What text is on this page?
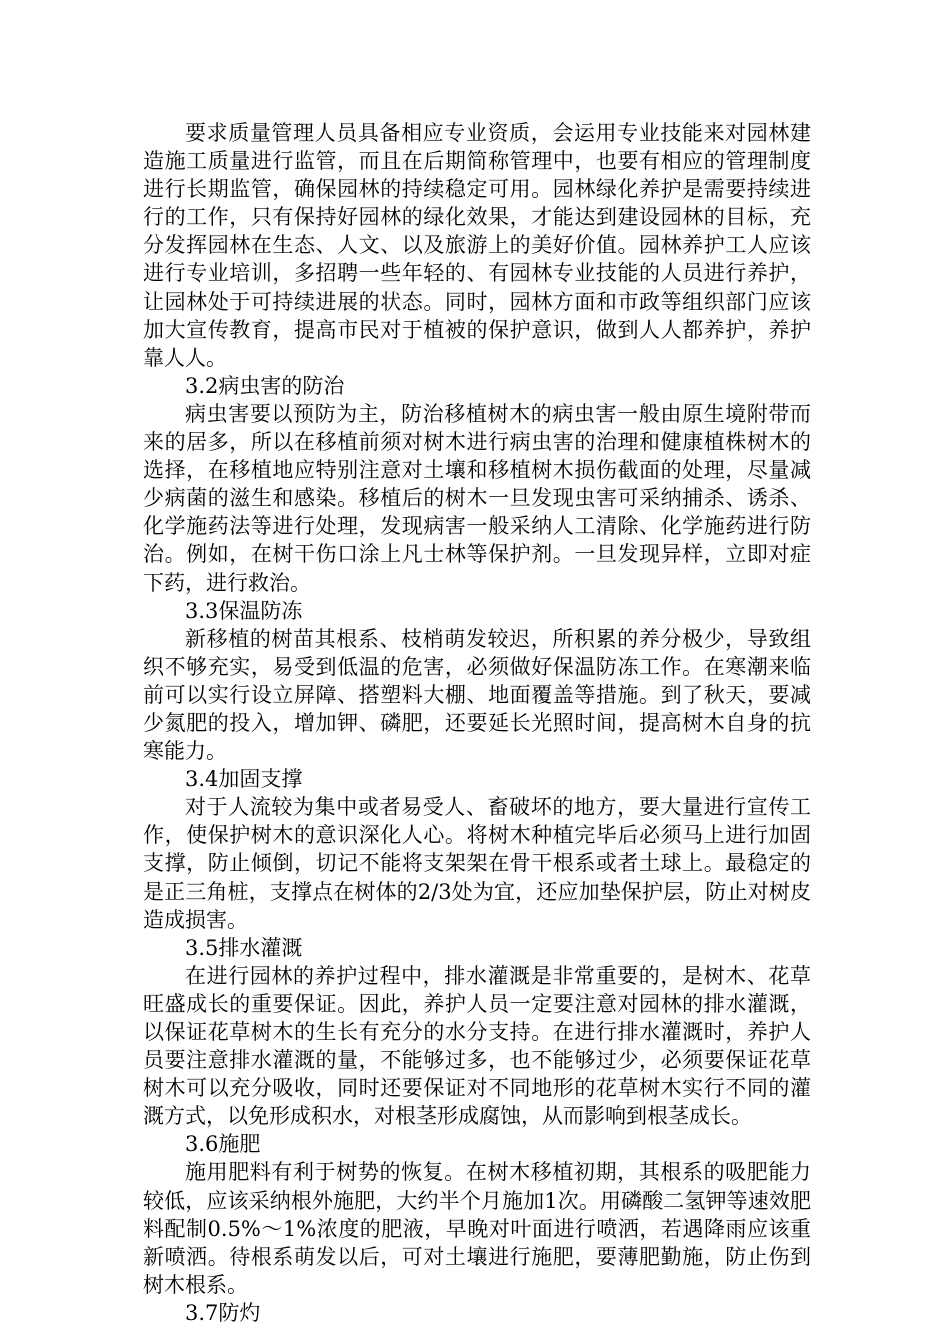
要求质量管理人员具备相应专业资质，会运用专业技能来对园林建造施工质量进行监管，而且在后期简称管理中，也要有相应的管理制度进行长期监管，确保园林的持续稳定可用。园林绿化养护是需要持续进行的工作，只有保持好园林的绿化效果，才能达到建设园林的目标，充分发挥园林在生态、人文、以及旅游上的美好价值。园林养护工人应该进行专业培训，多招聘一些年轻的、有园林专业技能的人员进行养护，让园林处于可持续进展的状态。同时，园林方面和市政等组织部门应该加大宣传教育，提高市民对于植被的保护意识，做到人人都养护，养护靠人人。

3.2病虫害的防治

病虫害要以预防为主，防治移植树木的病虫害一般由原生境附带而来的居多，所以在移植前须对树木进行病虫害的治理和健康植株树木的选择，在移植地应特别注意对土壤和移植树木损伤截面的处理，尽量减少病菌的滋生和感染。移植后的树木一旦发现虫害可采纳捕杀、诱杀、化学施药法等进行处理，发现病害一般采纳人工清除、化学施药进行防治。例如，在树干伤口涂上凡士林等保护剂。一旦发现异样，立即对症下药，进行救治。

3.3保温防冻

新移植的树苗其根系、枝梢萌发较迟，所积累的养分极少，导致组织不够充实，易受到低温的危害，必须做好保温防冻工作。在寒潮来临前可以实行设立屏障、搭塑料大棚、地面覆盖等措施。到了秋天，要减少氮肥的投入，增加钾、磷肥，还要延长光照时间，提高树木自身的抗寒能力。

3.4加固支撑

对于人流较为集中或者易受人、畜破坏的地方，要大量进行宣传工作，使保护树木的意识深化人心。将树木种植完毕后必须马上进行加固支撑，防止倾倒，切记不能将支架架在骨干根系或者土球上。最稳定的是正三角桩，支撑点在树体的2/3处为宜，还应加垫保护层，防止对树皮造成损害。

3.5排水灌溉

在进行园林的养护过程中，排水灌溉是非常重要的，是树木、花草旺盛成长的重要保证。因此，养护人员一定要注意对园林的排水灌溉，以保证花草树木的生长有充分的水分支持。在进行排水灌溉时，养护人员要注意排水灌溉的量，不能够过多，也不能够过少，必须要保证花草树木可以充分吸收，同时还要保证对不同地形的花草树木实行不同的灌溉方式，以免形成积水，对根茎形成腐蚀，从而影响到根茎成长。

3.6施肥

施用肥料有利于树势的恢复。在树木移植初期，其根系的吸肥能力较低，应该采纳根外施肥，大约半个月施加1次。用磷酸二氢钾等速效肥料配制0.5%～1%浓度的肥液，早晚对叶面进行喷洒，若遇降雨应该重新喷洒。待根系萌发以后，可对土壤进行施肥，要薄肥勤施，防止伤到树木根系。

3.7防灼
